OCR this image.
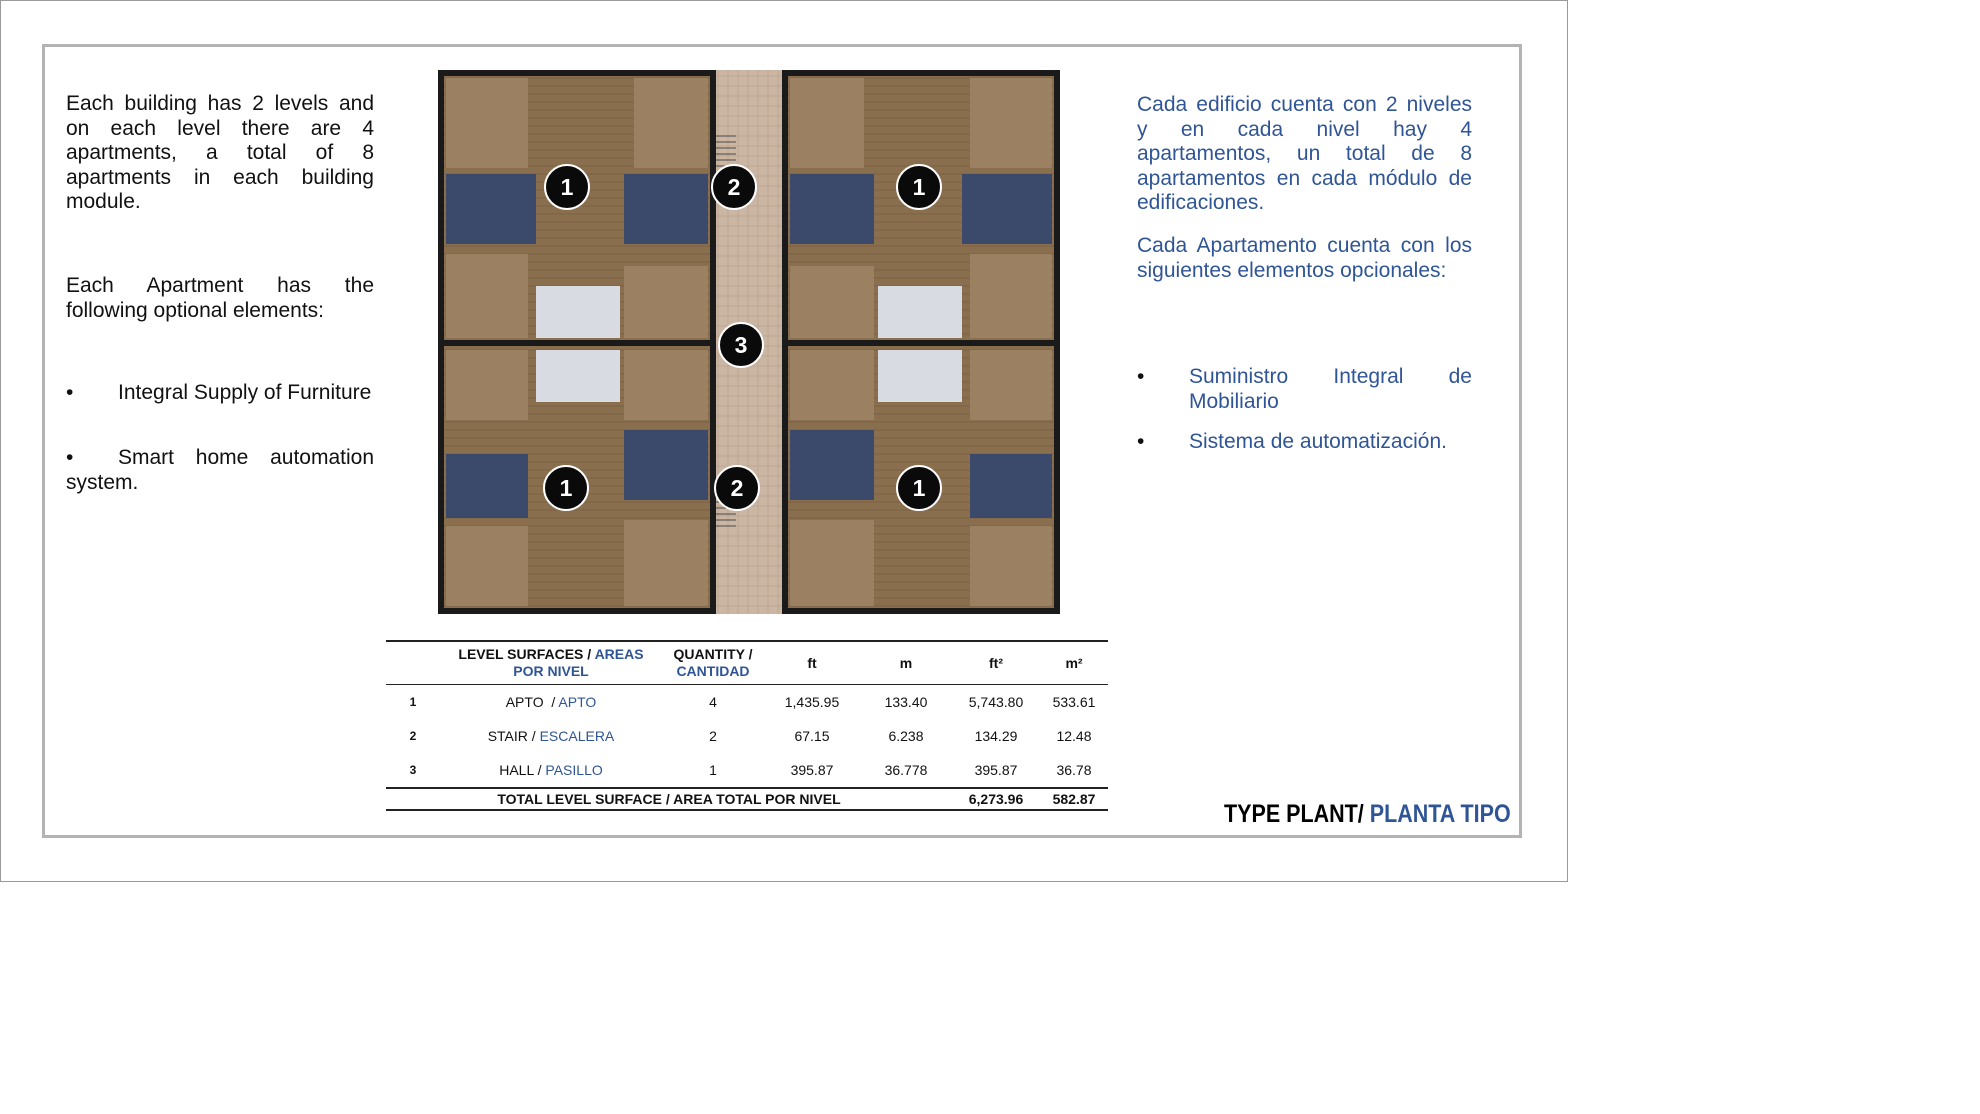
Each building has 2 levels and on each level there are 4 apartments, a total of 8 apartments in each building module.

Each Apartment has the following optional elements:

•	Integral Supply of Furniture
•	Smart home automation system.

Cada edificio cuenta con 2 niveles y en cada nivel hay 4 apartamentos, un total de 8 apartamentos en cada módulo de edificaciones.

Cada Apartamento cuenta con los siguientes elementos opcionales:

• Suministro Integral de Mobiliario
• Sistema de automatización.
1	2	1
3
1	2	1
	LEVEL SURFACES / AREAS POR NIVEL	QUANTITY /
CANTIDAD	ft	m	ft²	m²
1	APTO  / APTO	4	1,435.95	133.40	5,743.80	533.61
2	STAIR / ESCALERA	2	67.15	6.238	134.29	12.48
3	HALL / PASILLO	1	395.87	36.778	395.87	36.78
TOTAL LEVEL SURFACE / AREA TOTAL POR NIVEL					6,273.96	582.87
TYPE PLANT/ PLANTA TIPO
